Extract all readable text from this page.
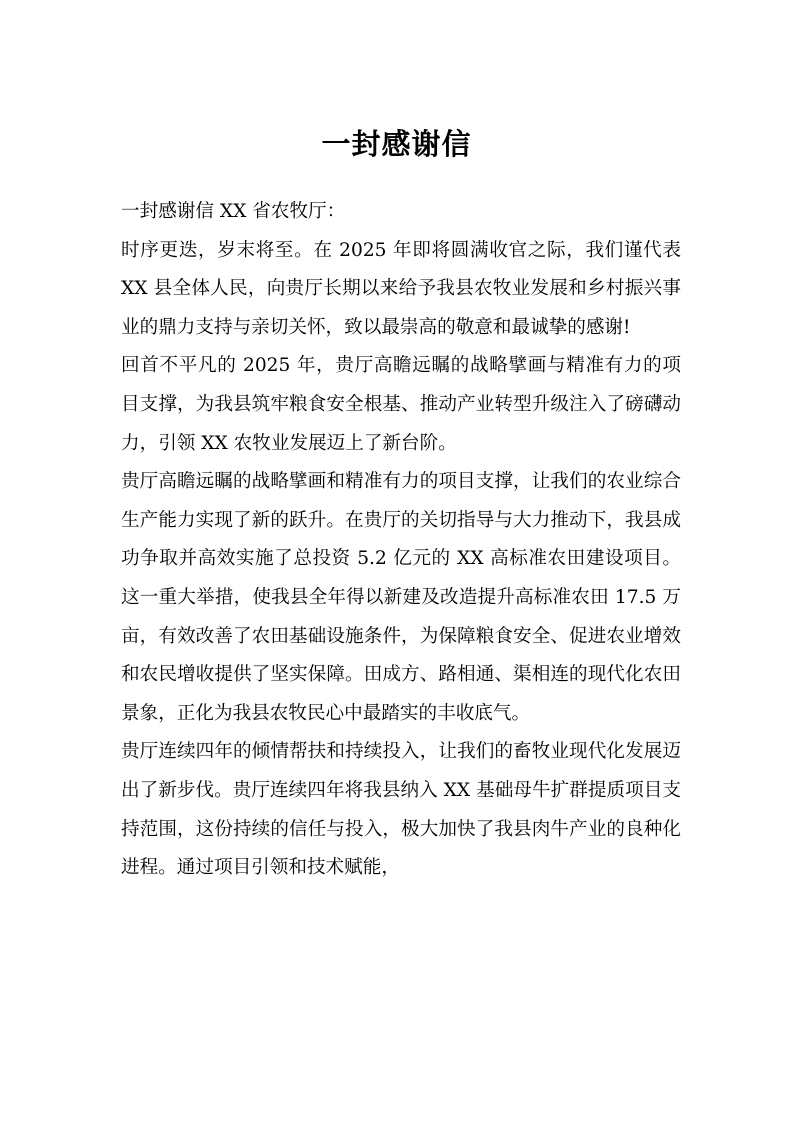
一封感谢信

一封感谢信 XX 省农牧厅：

时序更迭，岁末将至。在 2025 年即将圆满收官之际，我们谨代表 XX 县全体人民，向贵厅长期以来给予我县农牧业发展和乡村振兴事业的鼎力支持与亲切关怀，致以最崇高的敬意和最诚挚的感谢!

回首不平凡的 2025 年，贵厅高瞻远瞩的战略擘画与精准有力的项目支撑，为我县筑牢粮食安全根基、推动产业转型升级注入了磅礴动力，引领 XX 农牧业发展迈上了新台阶。

贵厅高瞻远瞩的战略擘画和精准有力的项目支撑，让我们的农业综合生产能力实现了新的跃升。在贵厅的关切指导与大力推动下，我县成功争取并高效实施了总投资 5.2 亿元的 XX 高标准农田建设项目。这一重大举措，使我县全年得以新建及改造提升高标准农田 17.5 万亩，有效改善了农田基础设施条件，为保障粮食安全、促进农业增效和农民增收提供了坚实保障。田成方、路相通、渠相连的现代化农田景象，正化为我县农牧民心中最踏实的丰收底气。

贵厅连续四年的倾情帮扶和持续投入，让我们的畜牧业现代化发展迈出了新步伐。贵厅连续四年将我县纳入 XX 基础母牛扩群提质项目支持范围，这份持续的信任与投入，极大加快了我县肉牛产业的良种化进程。通过项目引领和技术赋能，
